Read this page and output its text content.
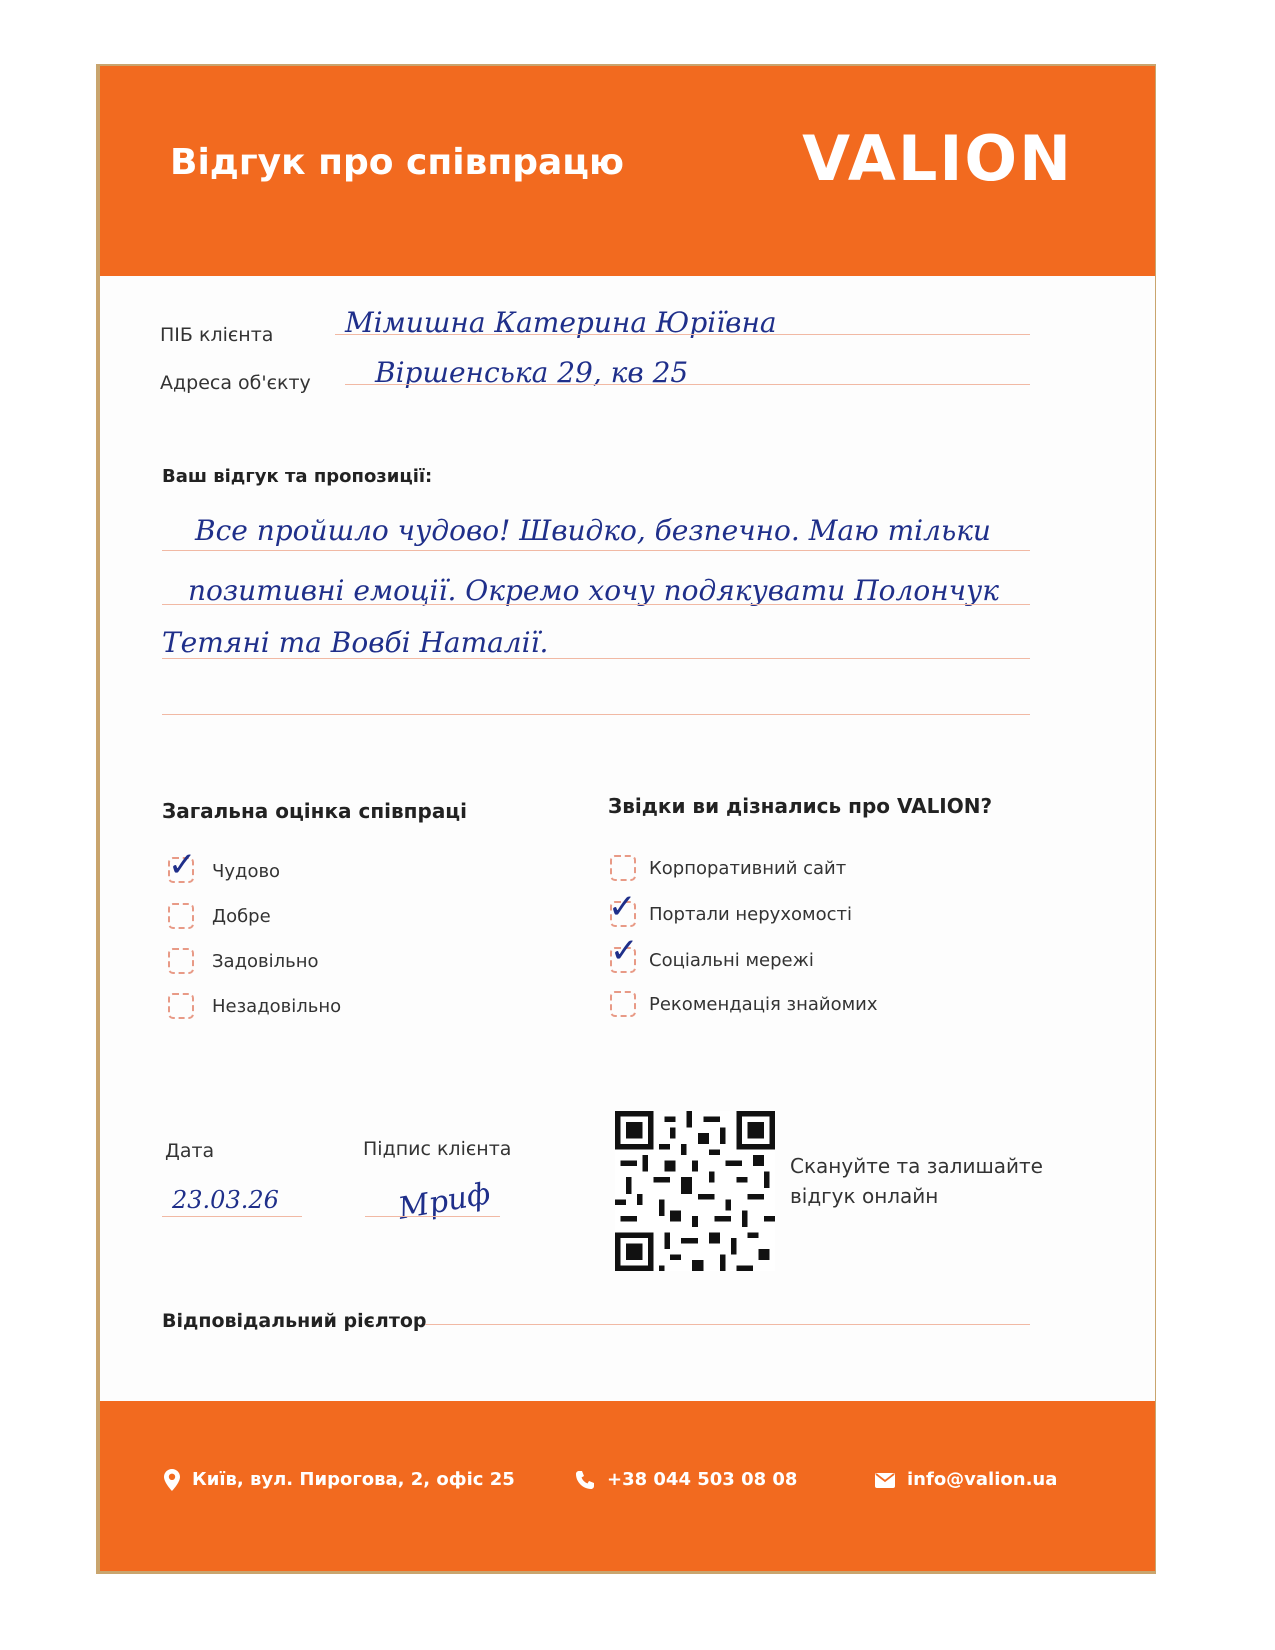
Відгук про співпрацю	VALION
ПІБ клієнта	Мімишна Катерина Юріївна
Адреса об'єкту Віршенська 29, кв 25
Ваш відгук та пропозиції:
Все пройшло чудово! Швидко, безпечно. Маю тільки
позитивні емоції. Окремо хочу подякувати Полончук
Тетяні та Вовбі Наталії.
Загальна оцінка співпраці
✓ Чудово
Добре
Задовільно
Незадовільно
Звідки ви дізнались про VALION?
Корпоративний сайт
✓ Портали нерухомості
✓ Соціальні мережі
Рекомендація знайомих
Дата
23.03.26
Підпис клієнта
Мриф
Скануйте та залишайте відгук онлайн
Відповідальний рієлтор
Київ, вул. Пирогова, 2, офіс 25	+38 044 503 08 08	info@valion.ua
